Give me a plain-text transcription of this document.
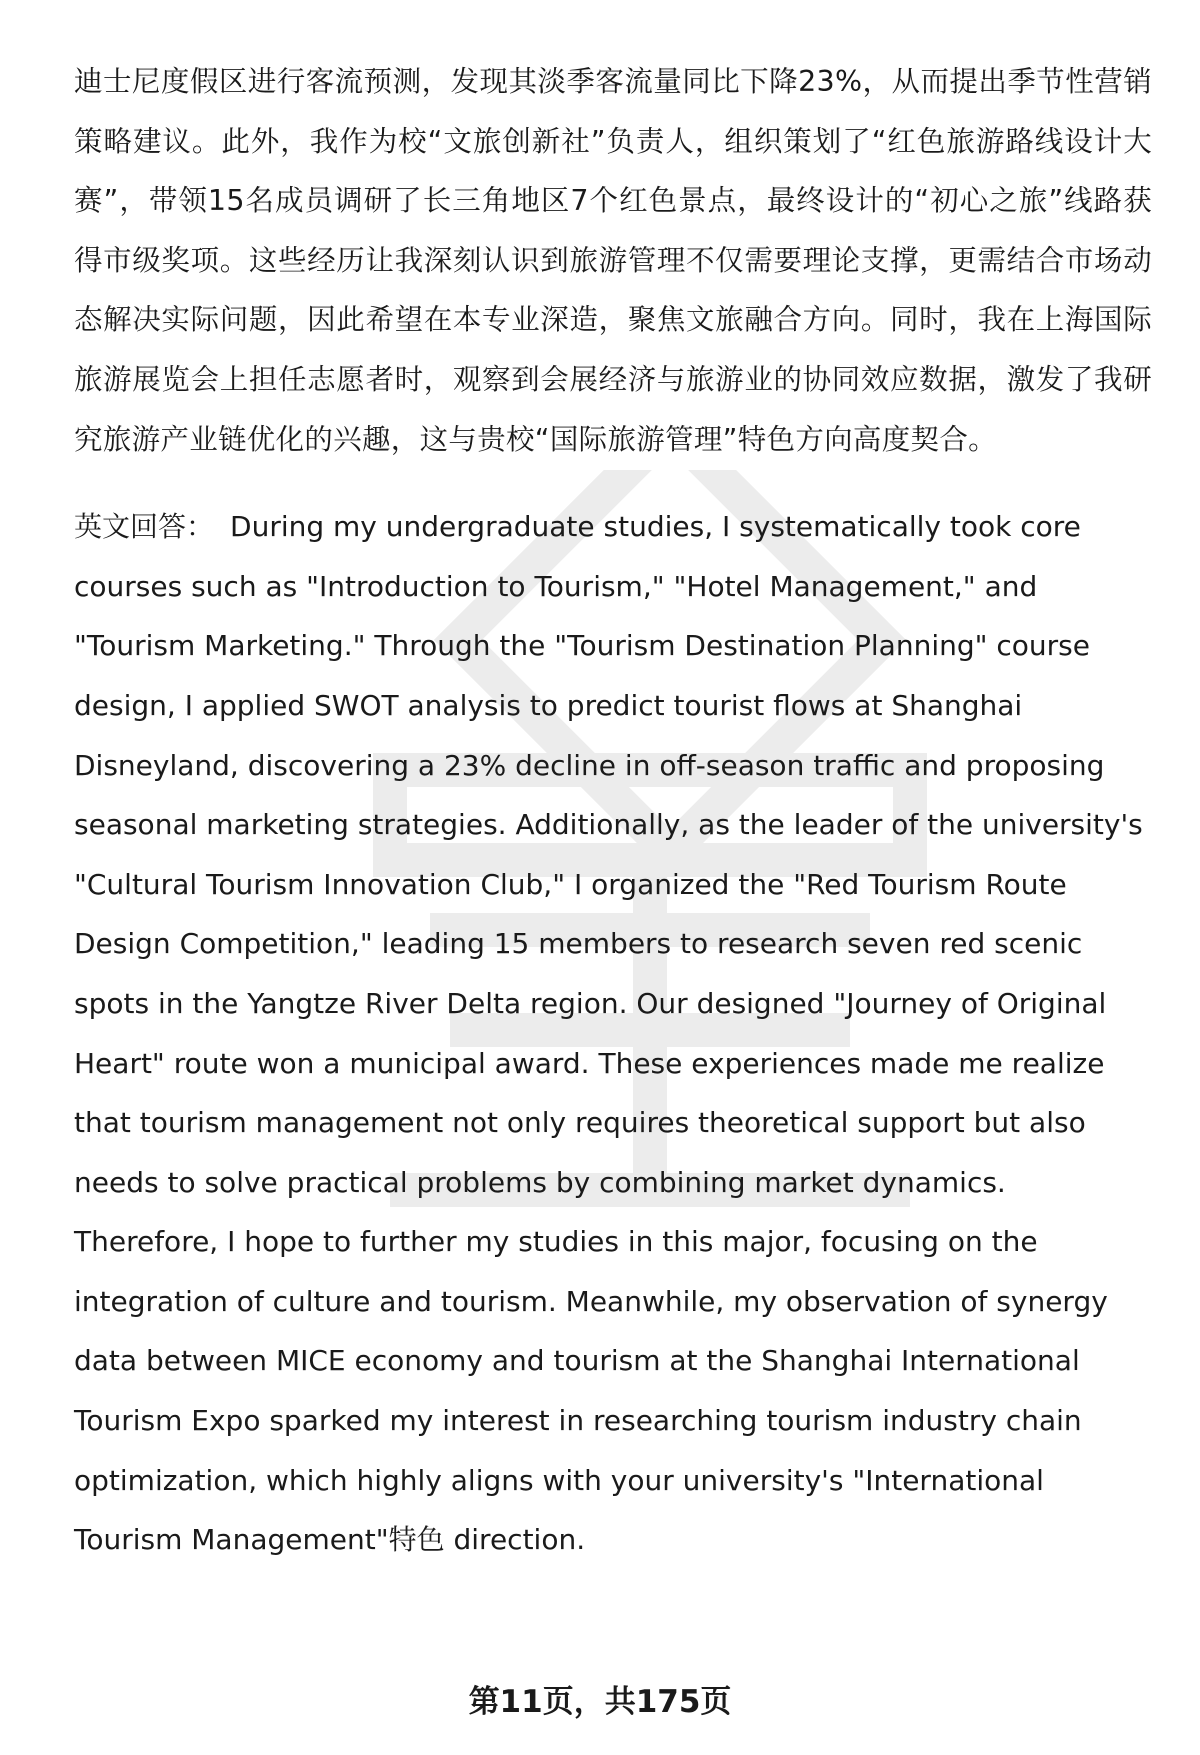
迪士尼度假区进行客流预测，发现其淡季客流量同比下降23%，从而提出季节性营销策略建议。此外，我作为校“文旅创新社”负责人，组织策划了“红色旅游路线设计大赛”，带领15名成员调研了长三角地区7个红色景点，最终设计的“初心之旅”线路获得市级奖项。这些经历让我深刻认识到旅游管理不仅需要理论支撑，更需结合市场动态解决实际问题，因此希望在本专业深造，聚焦文旅融合方向。同时，我在上海国际旅游展览会上担任志愿者时，观察到会展经济与旅游业的协同效应数据，激发了我研究旅游产业链优化的兴趣，这与贵校“国际旅游管理”特色方向高度契合。

英文回答： During my undergraduate studies, I systematically took core courses such as "Introduction to Tourism," "Hotel Management," and "Tourism Marketing." Through the "Tourism Destination Planning" course design, I applied SWOT analysis to predict tourist flows at Shanghai Disneyland, discovering a 23% decline in off-season traffic and proposing seasonal marketing strategies. Additionally, as the leader of the university's "Cultural Tourism Innovation Club," I organized the "Red Tourism Route Design Competition," leading 15 members to research seven red scenic spots in the Yangtze River Delta region. Our designed "Journey of Original Heart" route won a municipal award. These experiences made me realize that tourism management not only requires theoretical support but also needs to solve practical problems by combining market dynamics. Therefore, I hope to further my studies in this major, focusing on the integration of culture and tourism. Meanwhile, my observation of synergy data between MICE economy and tourism at the Shanghai International Tourism Expo sparked my interest in researching tourism industry chain optimization, which highly aligns with your university's "International Tourism Management"特色 direction.

第11页，共175页
